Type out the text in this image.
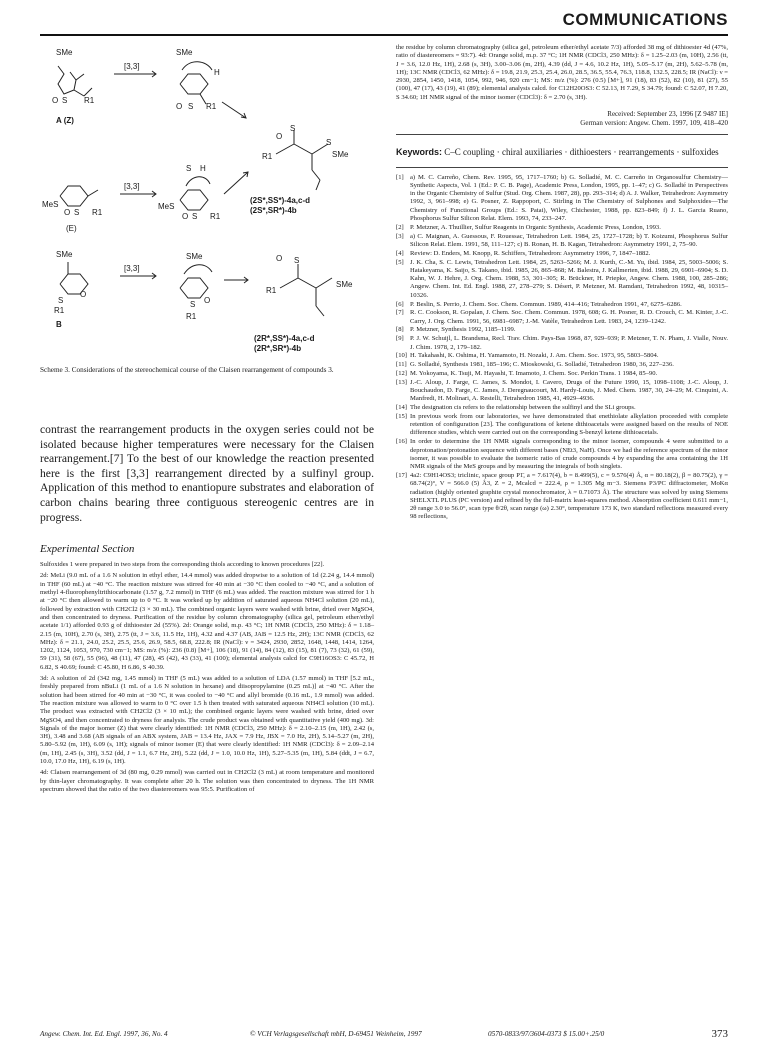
COMMUNICATIONS
SMe
[3,3]
SMe
O S R1
A (Z)
H
O S R1
S
S
SMe
R1
O
[3,3]
S H
MeS
O S R1
MeS
O S R1
(2S*,SS*)-4a,c-d
(2S*,SR*)-4b
(E)
SMe
[3,3]
SMe	O S
R1
SMe
S
O
R1
S O
R1
B
(2R*,SS*)-4a,c-d
(2R*,SR*)-4b

Scheme 3. Considerations of the stereochemical course of the Claisen rearrangement of compounds 3.

contrast the rearrangement products in the oxygen series could not be isolated because higher temperatures were necessary for the Claisen rearrangement.[7] To the best of our knowledge the reaction presented here is the first [3,3] rearrangement directed by a sulfinyl group. Application of this method to enantiopure substrates and elaboration of carbon chains bearing three contiguous stereogenic centres are in progress.

Experimental Section

Sulfoxides 1 were prepared in two steps from the corresponding thiols according to known procedures [22].

2d: MeLi (9.0 mL of a 1.6 N solution in ethyl ether, 14.4 mmol) was added dropwise to a solution of 1d (2.24 g, 14.4 mmol) in THF (60 mL) at −40 °C. The reaction mixture was stirred for 40 min at −30 °C then cooled to −40 °C, and a solution of methyl 4-fluorophenyltrithiocarbonate (1.57 g, 7.2 mmol) in THF (6 mL) was added. The reaction mixture was stirred for 1 h at −20 °C then allowed to warm up to 0 °C. It was worked up by addition of saturated aqueous NH4Cl solution (20 mL), followed by extraction with CH2Cl2 (3 × 30 mL). The combined organic layers were washed with brine, dried over MgSO4, and then concentrated to dryness. Purification of the residue by column chromatography (silica gel, petroleum ether/ethyl acetate 1/1) afforded 0.93 g of dithioester 2d (55%). 2d: Orange solid, m.p. 43 °C; 1H NMR (CDCl3, 250 MHz): δ = 1.18–2.15 (m, 10H), 2.70 (s, 3H), 2.75 (tt, J = 3.6, 11.5 Hz, 1H), 4.32 and 4.37 (AB, JAB = 12.5 Hz, 2H); 13C NMR (CDCl3, 62 MHz): δ = 21.1, 24.0, 25.2, 25.5, 25.6, 26.9, 58.5, 68.8, 222.8; IR (NaCl): ν = 3424, 2930, 2852, 1648, 1448, 1414, 1264, 1202, 1124, 1053, 970, 730 cm−1; MS: m/z (%): 236 (0.8) [M+], 106 (18), 91 (14), 84 (12), 83 (15), 81 (7), 73 (32), 61 (59), 59 (31), 58 (67), 55 (96), 48 (11), 47 (28), 45 (42), 43 (33), 41 (100); elemental analysis calcd for C9H16OS3: C 45.72, H 6.82, S 40.69; found: C 45.80, H 6.86, S 40.39.

3d: A solution of 2d (342 mg, 1.45 mmol) in THF (5 mL) was added to a solution of LDA (1.57 mmol) in THF [5.2 mL, freshly prepared from nBuLi (1 mL of a 1.6 N solution in hexane) and diisopropylamine (0.25 mL)] at −40 °C. After the solution had been stirred for 40 min at −30 °C, it was cooled to −40 °C and allyl bromide (0.16 mL, 1.9 mmol) was added. The reaction mixture was allowed to warm to 0 °C over 1.5 h then treated with saturated aqueous NH4Cl solution (10 mL). The product was extracted with CH2Cl2 (3 × 10 mL); the combined organic layers were washed with brine, dried over MgSO4, and then concentrated to dryness for analysis. The crude product was obtained with quantitative yield (400 mg). 3d: Signals of the major isomer (Z) that were clearly identified: 1H NMR (CDCl3, 250 MHz): δ = 2.10–2.15 (m, 1H), 2.42 (s, 3H), 3.48 and 3.68 (AB signals of an ABX system, JAB = 13.4 Hz, JAX = 7.9 Hz, JBX = 7.0 Hz, 2H), 5.14–5.27 (m, 2H), 5.80–5.92 (m, 1H), 6.09 (s, 1H); signals of minor isomer (E) that were clearly identified: 1H NMR (CDCl3): δ = 2.09–2.14 (m, 1H), 2.45 (s, 3H), 3.52 (dd, J = 1.1, 6.7 Hz, 2H), 5.22 (dd, J = 1.0, 10.0 Hz, 1H), 5.27–5.35 (m, 1H), 5.84 (ddt, J = 6.7, 10.0, 17.0 Hz, 1H), 6.19 (s, 1H).

4d: Claisen rearrangement of 3d (80 mg, 0.29 mmol) was carried out in CH2Cl2 (3 mL) at room temperature and monitored by thin-layer chromatography. It was complete after 20 h. The solution was then concentrated to dryness. The 1H NMR spectrum showed that the ratio of the two diastereomers was 95:5. Purification of

the residue by column chromatography (silica gel, petroleum ether/ethyl acetate 7/3) afforded 38 mg of dithioester 4d (47%, ratio of diastereomers = 93:7). 4d: Orange solid, m.p. 37 °C; 1H NMR (CDCl3, 250 MHz): δ = 1.25–2.03 (m, 10H), 2.56 (tt, J = 3.6, 12.0 Hz, 1H), 2.68 (s, 3H), 3.00–3.06 (m, 2H), 4.39 (dd, J = 4.6, 10.2 Hz, 1H), 5.05–5.17 (m, 2H), 5.62–5.78 (m, 1H); 13C NMR (CDCl3, 62 MHz): δ = 19.8, 21.9, 25.3, 25.4, 26.0, 28.5, 36.5, 55.4, 76.3, 118.8, 132.5, 228.5; IR (NaCl): ν = 2930, 2854, 1450, 1418, 1054, 992, 946, 920 cm−1; MS: m/z (%): 276 (0.5) [M+], 91 (18), 83 (52), 82 (10), 81 (27), 55 (100), 47 (17), 43 (19), 41 (89); elemental analysis calcd. for C12H20OS3: C 52.13, H 7.29, S 34.79; found: C 52.07, H 7.20, S 34.60; 1H NMR signal of the minor isomer (CDCl3): δ = 2.70 (s, 3H).

Received: September 23, 1996 [Z 9487 IE]
German version: Angew. Chem. 1997, 109, 418–420

Keywords: C–C coupling · chiral auxiliaries · dithioesters · rearrangements · sulfoxides

[1] a) M. C. Carreño, Chem. Rev. 1995, 95, 1717–1760; b) G. Solladié, M. C. Carreño in Organosulfur Chemistry—Synthetic Aspects, Vol. 1 (Ed.: P. C. B. Page), Academic Press, London, 1995, pp. 1–47; c) G. Solladié in Perspectives in the Organic Chemistry of Sulfur (Stud. Org. Chem. 1987, 28), pp. 293–314; d) A. J. Walker, Tetrahedron: Asymmetry 1992, 3, 961–998; e) G. Posner, Z. Rappoport, C. Stirling in The Chemistry of Sulphones and Sulphoxides—The Chemistry of Functional Groups (Ed.: S. Patai), Wiley, Chichester, 1988, pp. 823–849; f) J. L. Garcia Ruano, Phosphorus Sulfur Silicon Relat. Elem. 1993, 74, 233–247.
[2] P. Metzner, A. Thuillier, Sulfur Reagents in Organic Synthesis, Academic Press, London, 1993.
[3] a) C. Maignan, A. Guessous, F. Rouessac, Tetrahedron Lett. 1984, 25, 1727–1728; b) T. Koizumi, Phosphorus Sulfur Silicon Relat. Elem. 1991, 58, 111–127; c) B. Ronan, H. B. Kagan, Tetrahedron: Asymmetry 1991, 2, 75–90.
[4] Review: D. Enders, M. Knopp, R. Schiffers, Tetrahedron: Asymmetry 1996, 7, 1847–1882.
[5] J. K. Cha, S. C. Lewis, Tetrahedron Lett. 1984, 25, 5263–5266; M. J. Kurth, C.-M. Yu, ibid. 1984, 25, 5003–5006; S. Hatakeyama, K. Saijo, S. Takano, ibid. 1985, 26, 865–868; M. Balestra, J. Kallmerten, ibid. 1988, 29, 6901–6904; S. D. Kahn, W. J. Hehre, J. Org. Chem. 1988, 53, 301–305; R. Brückner, H. Priepke, Angew. Chem. 1988, 100, 285–286; Angew. Chem. Int. Ed. Engl. 1988, 27, 278–279; S. Désert, P. Metzner, M. Ramdani, Tetrahedron 1992, 48, 10315–10326.
[6] P. Beslin, S. Perrio, J. Chem. Soc. Chem. Commun. 1989, 414–416; Tetrahedron 1991, 47, 6275–6286.
[7] R. C. Cookson, R. Gopalan, J. Chem. Soc. Chem. Commun. 1978, 608; G. H. Posner, R. D. Crouch, C. M. Kinter, J.-C. Carry, J. Org. Chem. 1991, 56, 6981–6987; J.-M. Vatèle, Tetrahedron Lett. 1983, 24, 1239–1242.
[8] P. Metzner, Synthesis 1992, 1185–1199.
[9] P. J. W. Schuijl, L. Brandsma, Recl. Trav. Chim. Pays-Bas 1968, 87, 929–939; P. Metzner, T. N. Pham, J. Vialle, Nouv. J. Chim. 1978, 2, 179–182.
[10] H. Takahashi, K. Oshima, H. Yamamoto, H. Nozaki, J. Am. Chem. Soc. 1973, 95, 5803–5804.
[11] G. Solladié, Synthesis 1981, 185–196; C. Mioskowski, G. Solladié, Tetrahedron 1980, 36, 227–236.
[12] M. Yokoyama, K. Tsuji, M. Hayashi, T. Imamoto, J. Chem. Soc. Perkin Trans. 1 1984, 85–90.
[13] J.-C. Aloup, J. Farge, C. James, S. Mondot, I. Cavero, Drugs of the Future 1990, 15, 1098–1108; J.-C. Aloup, J. Bouchaudon, D. Farge, C. James, J. Deregnaucourt, M. Hardy-Louis, J. Med. Chem. 1987, 30, 24–29; M. Cinquini, A. Manfredi, H. Molinari, A. Restelli, Tetrahedron 1985, 41, 4929–4936.
[14] The designation cis refers to the relationship between the sulfinyl and the SLi groups.
[15] In previous work from our laboratories, we have demonstrated that enethiolate alkylation proceeded with complete retention of configuration [23]. The configurations of ketene dithioacetals were assigned based on the results of NOE difference studies, which were carried out on the corresponding S-benzyl ketene dithioacetals.
[16] In order to determine the 1H NMR signals corresponding to the minor isomer, compounds 4 were submitted to a deprotonation/protonation sequence with different bases (NEt3, NaH). Once we had the reference spectrum of the minor isomer, it was possible to evaluate the isomeric ratio of crude compounds 4 by expanding the area containing the 1H NMR signals of the MeS groups and by measuring the integrals of both singlets.
[17] 4a2: C9H14OS3; triclinic, space group P1̄, a = 7.617(4), b = 8.499(5), c = 9.576(4) Å, α = 80.18(2), β = 80.75(2), γ = 68.74(2)°, V = 566.0 (5) Å3, Z = 2, Mcalcd = 222.4, ρ = 1.305 Mg m−3. Siemens P3/PC diffractometer, MoKα radiation (highly oriented graphite crystal monochromator, λ = 0.71073 Å). The structure was solved by using Siemens SHELXTL PLUS (PC version) and refined by the full-matrix least-squares method. Absorption coefficient 0.611 mm−1, 2θ range 3.0 to 56.0°, scan type θ/2θ, scan range (ω) 2.30°, temperature 173 K, two standard reflections measured every 98 reflections,
Angew. Chem. Int. Ed. Engl. 1997, 36, No. 4	© VCH Verlagsgesellschaft mbH, D-69451 Weinheim, 1997	0570-0833/97/3604-0373 $ 15.00+.25/0	373
